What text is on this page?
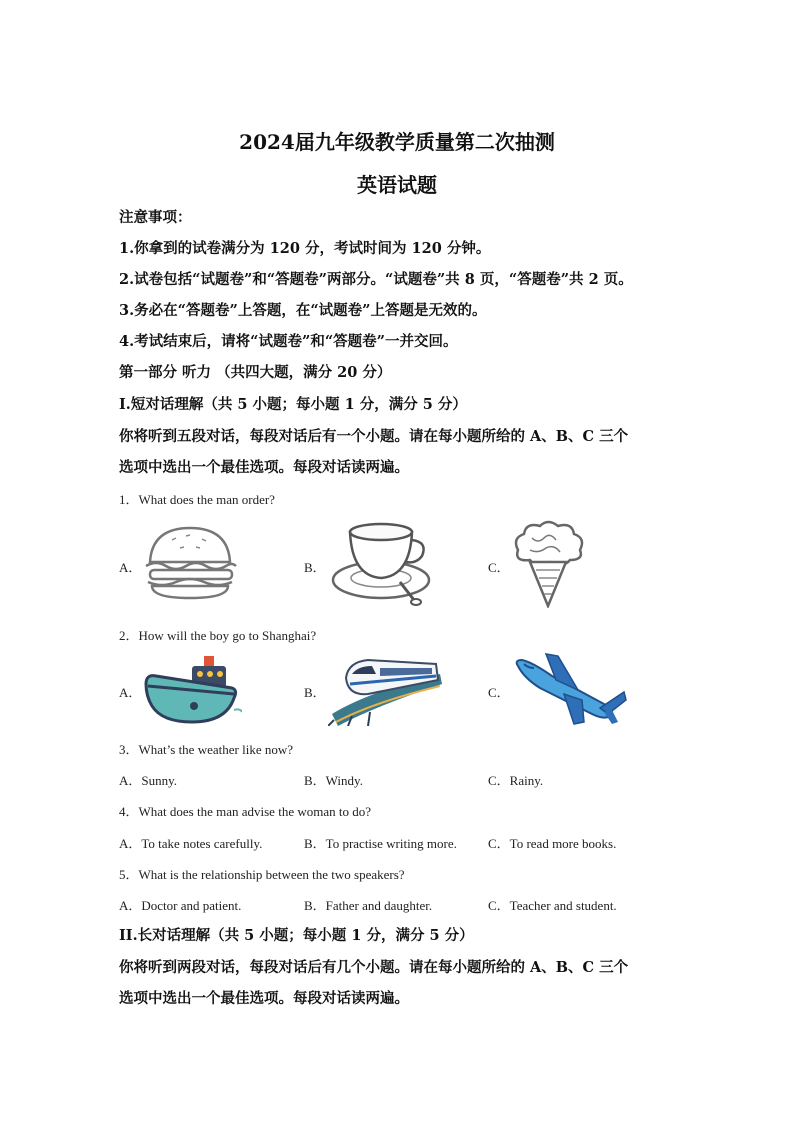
2024届九年级教学质量第二次抽测
英语试题
注意事项：
1.你拿到的试卷满分为 120 分，考试时间为 120 分钟。
2.试卷包括“试题卷”和“答题卷”两部分。“试题卷”共 8 页，“答题卷”共 2 页。
3.务必在“答题卷”上答题，在“试题卷”上答题是无效的。
4.考试结束后，请将“试题卷”和“答题卷”一并交回。
第一部分 听力 （共四大题，满分 20 分）
I.短对话理解（共 5 小题；每小题 1 分，满分 5 分）
你将听到五段对话，每段对话后有一个小题。请在每小题所给的 A、B、C 三个
选项中选出一个最佳选项。每段对话读两遍。
1．What does the man order?
A．	B．	C．
2．How will the boy go to Shanghai?
A．	B．	C．
3．What’s the weather like now?
A．Sunny.	B．Windy.	C．Rainy.
4．What does the man advise the woman to do?
A．To take notes carefully.	B．To practise writing more. C．To read more books.
5．What is the relationship between the two speakers?
A．Doctor and patient.	B．Father and daughter.	C．Teacher and student.
II.长对话理解（共 5 小题；每小题 1 分，满分 5 分）
你将听到两段对话，每段对话后有几个小题。请在每小题所给的 A、B、C 三个
选项中选出一个最佳选项。每段对话读两遍。
